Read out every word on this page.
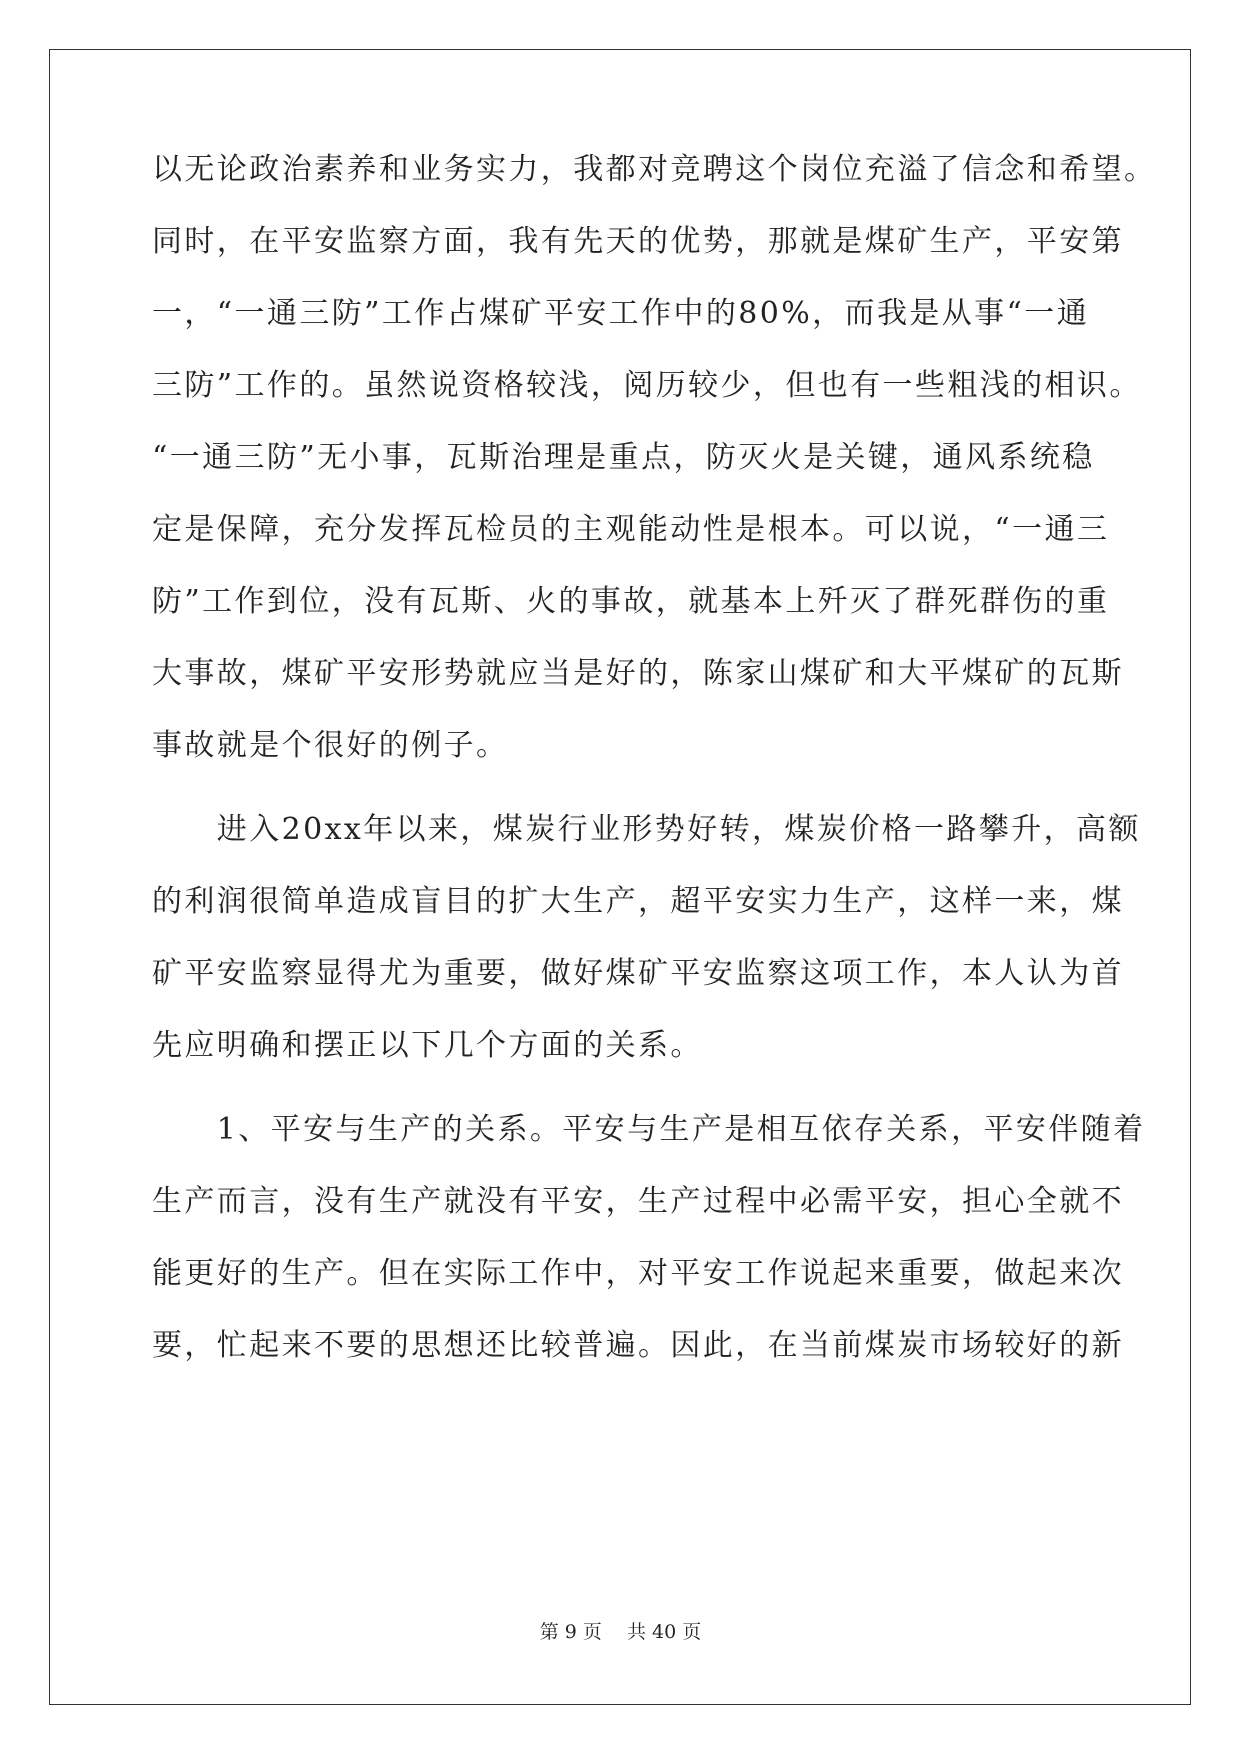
以无论政治素养和业务实力，我都对竞聘这个岗位充溢了信念和希望。
同时，在平安监察方面，我有先天的优势，那就是煤矿生产，平安第
一，“一通三防”工作占煤矿平安工作中的80%，而我是从事“一通
三防”工作的。虽然说资格较浅，阅历较少，但也有一些粗浅的相识。
“一通三防”无小事，瓦斯治理是重点，防灭火是关键，通风系统稳
定是保障，充分发挥瓦检员的主观能动性是根本。可以说，“一通三
防”工作到位，没有瓦斯、火的事故，就基本上歼灭了群死群伤的重
大事故，煤矿平安形势就应当是好的，陈家山煤矿和大平煤矿的瓦斯
事故就是个很好的例子。
　　进入20xx年以来，煤炭行业形势好转，煤炭价格一路攀升，高额
的利润很简单造成盲目的扩大生产，超平安实力生产，这样一来，煤
矿平安监察显得尤为重要，做好煤矿平安监察这项工作，本人认为首
先应明确和摆正以下几个方面的关系。
　　1、平安与生产的关系。平安与生产是相互依存关系，平安伴随着
生产而言，没有生产就没有平安，生产过程中必需平安，担心全就不
能更好的生产。但在实际工作中，对平安工作说起来重要，做起来次
要，忙起来不要的思想还比较普遍。因此，在当前煤炭市场较好的新
第 9 页　 共 40 页
